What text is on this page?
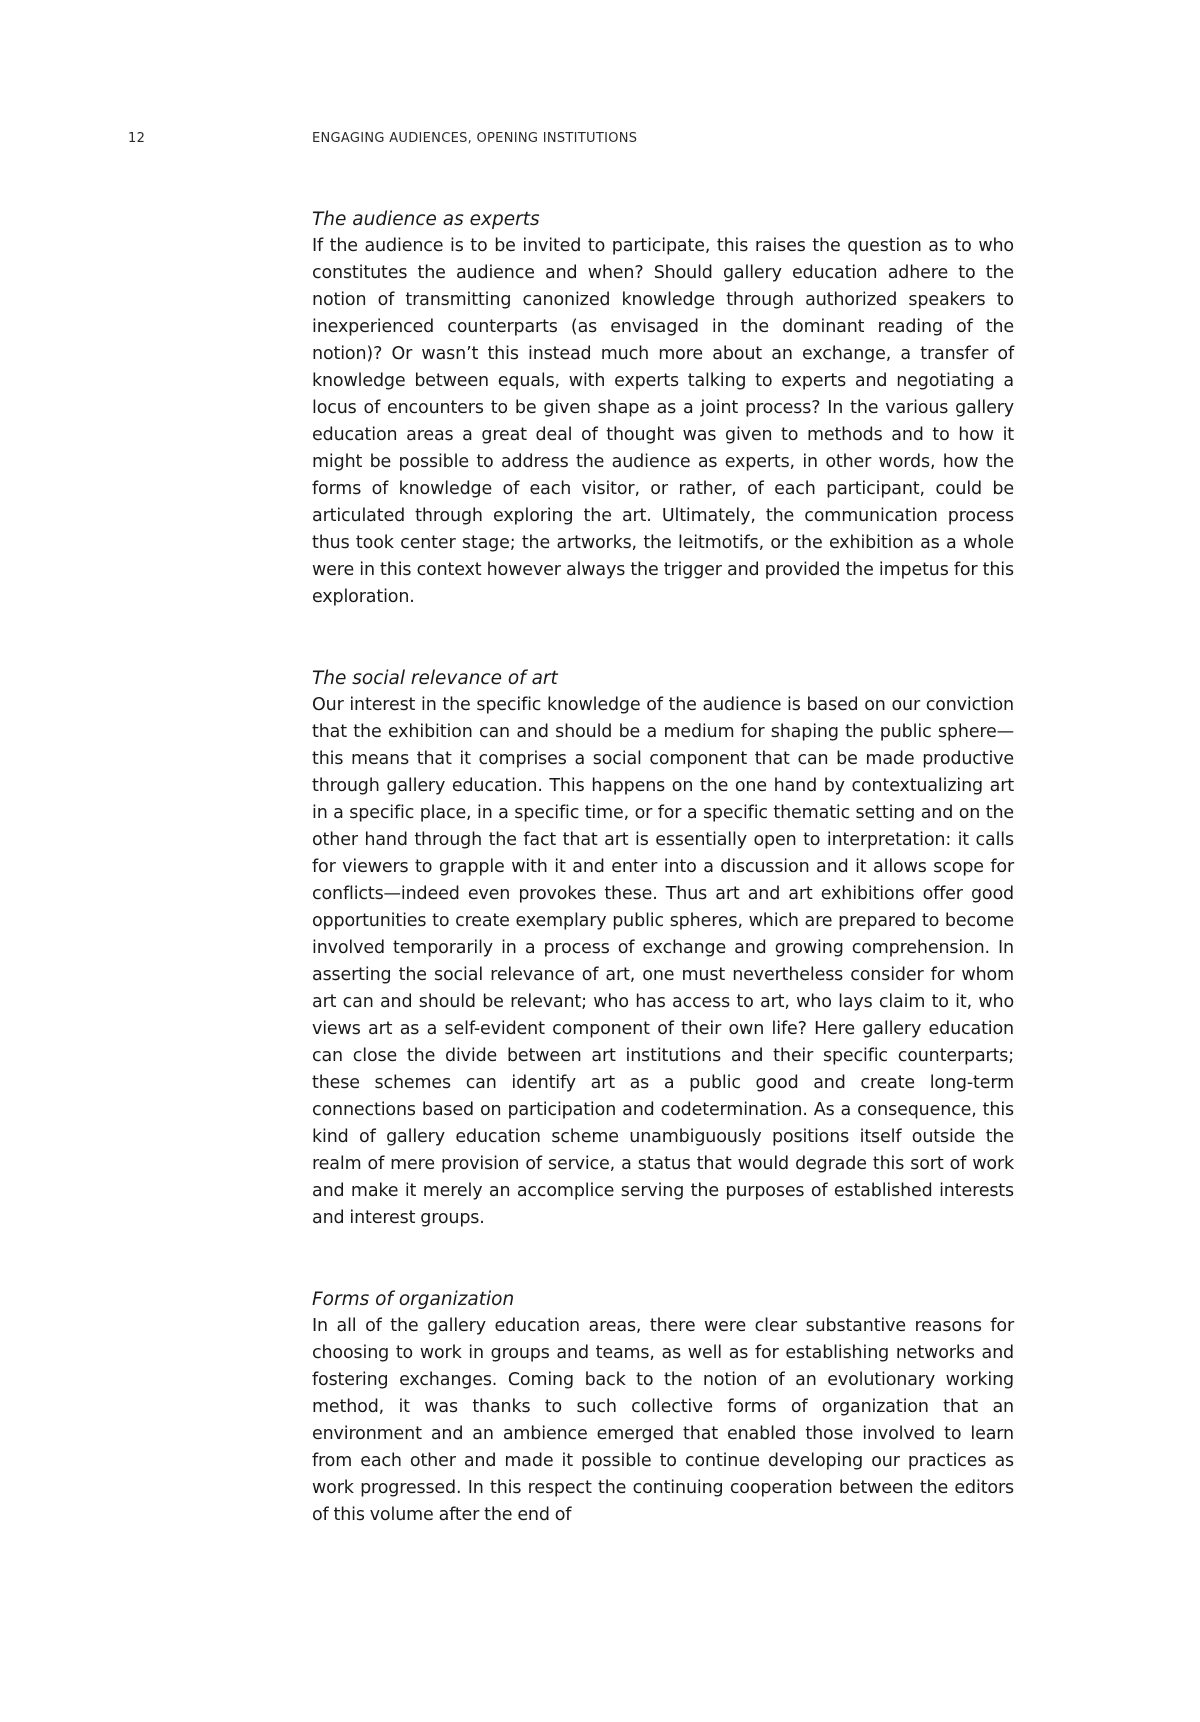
12	ENGAGING AUDIENCES, OPENING INSTITUTIONS
The audience as experts

If the audience is to be invited to participate, this raises the question as to who constitutes the audience and when? Should gallery education adhere to the notion of transmitting canonized knowledge through authorized speakers to inexperienced counterparts (as envisaged in the dominant reading of the notion)? Or wasn’t this instead much more about an exchange, a transfer of knowledge between equals, with experts talking to experts and negotiating a locus of encounters to be given shape as a joint process? In the various gallery education areas a great deal of thought was given to methods and to how it might be possible to address the audience as experts, in other words, how the forms of knowledge of each visitor, or rather, of each participant, could be articulated through exploring the art. Ultimately, the communication process thus took center stage; the artworks, the leitmotifs, or the exhibition as a whole were in this context however always the trigger and provided the impetus for this exploration.

The social relevance of art

Our interest in the specific knowledge of the audience is based on our conviction that the exhibition can and should be a medium for shaping the public sphere—this means that it comprises a social component that can be made productive through gallery education. This happens on the one hand by contextualizing art in a specific place, in a specific time, or for a specific thematic setting and on the other hand through the fact that art is essentially open to interpretation: it calls for viewers to grapple with it and enter into a discussion and it allows scope for conflicts—indeed even provokes these. Thus art and art exhibitions offer good opportunities to create exemplary public spheres, which are prepared to become involved temporarily in a process of exchange and growing comprehension. In asserting the social relevance of art, one must nevertheless consider for whom art can and should be relevant; who has access to art, who lays claim to it, who views art as a self-evident component of their own life? Here gallery education can close the divide between art institutions and their specific counterparts; these schemes can identify art as a public good and create long-term connections based on participation and codetermination. As a consequence, this kind of gallery education scheme unambiguously positions itself outside the realm of mere provision of service, a status that would degrade this sort of work and make it merely an accomplice serving the purposes of established interests and interest groups.

Forms of organization

In all of the gallery education areas, there were clear substantive reasons for choosing to work in groups and teams, as well as for establishing networks and fostering exchanges. Coming back to the notion of an evolutionary working method, it was thanks to such collective forms of organization that an environment and an ambience emerged that enabled those involved to learn from each other and made it possible to continue developing our practices as work progressed. In this respect the continuing cooperation between the editors of this volume after the end of
